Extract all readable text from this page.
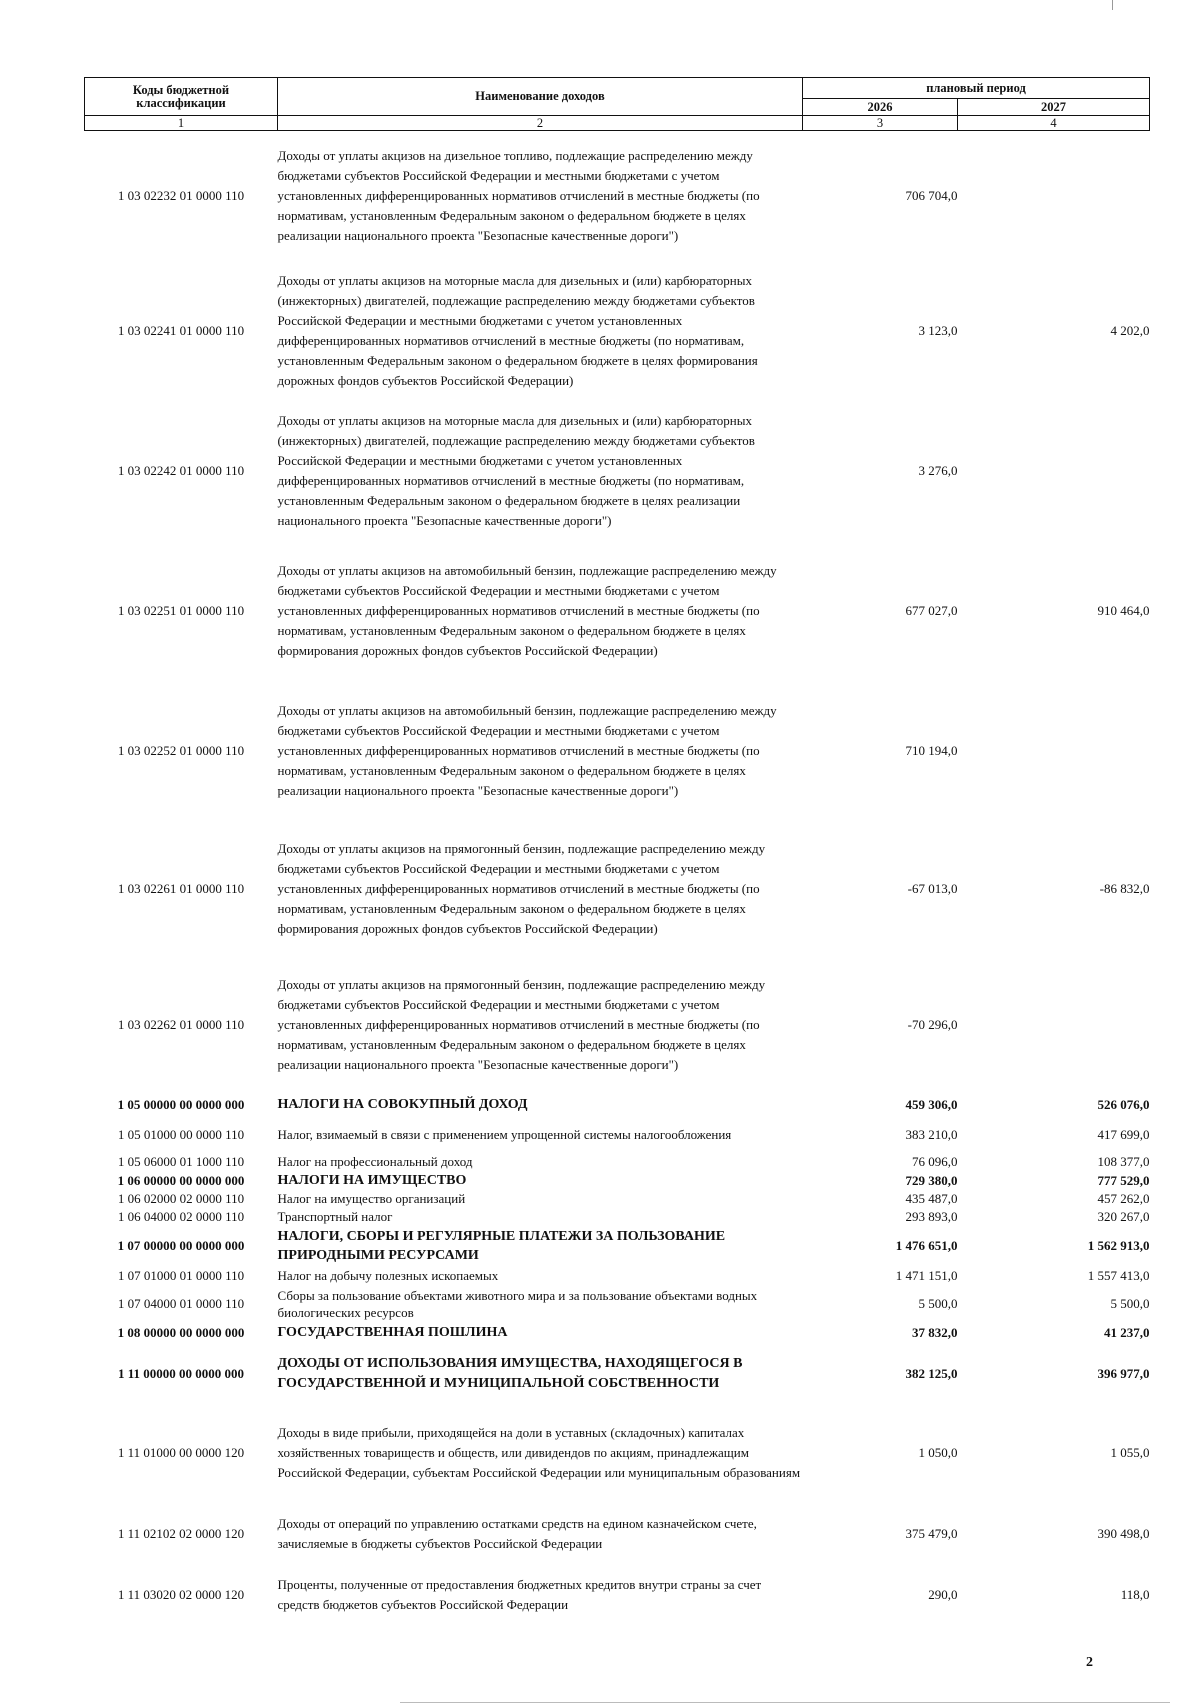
Коды бюджетной классификации	Наименование доходов	плановый период	
		2026	2027
1	2	3	4
1 03 02232 01 0000 110	Доходы от уплаты акцизов на дизельное топливо, подлежащие распределению между бюджетами субъектов Российской Федерации и местными бюджетами с учетом установленных дифференцированных нормативов отчислений в местные бюджеты (по нормативам, установленным Федеральным законом о федеральном бюджете в целях реализации национального проекта "Безопасные качественные дороги")	706 704,0	
1 03 02241 01 0000 110	Доходы от уплаты акцизов на моторные масла для дизельных и (или) карбюраторных (инжекторных) двигателей, подлежащие распределению между бюджетами субъектов Российской Федерации и местными бюджетами с учетом установленных дифференцированных нормативов отчислений в местные бюджеты (по нормативам, установленным Федеральным законом о федеральном бюджете в целях формирования дорожных фондов субъектов Российской Федерации)	3 123,0	4 202,0
1 03 02242 01 0000 110	Доходы от уплаты акцизов на моторные масла для дизельных и (или) карбюраторных (инжекторных) двигателей, подлежащие распределению между бюджетами субъектов Российской Федерации и местными бюджетами с учетом установленных дифференцированных нормативов отчислений в местные бюджеты (по нормативам, установленным Федеральным законом о федеральном бюджете в целях реализации национального проекта "Безопасные качественные дороги")	3 276,0	
1 03 02251 01 0000 110	Доходы от уплаты акцизов на автомобильный бензин, подлежащие распределению между бюджетами субъектов Российской Федерации и местными бюджетами с учетом установленных дифференцированных нормативов отчислений в местные бюджеты (по нормативам, установленным Федеральным законом о федеральном бюджете в целях формирования дорожных фондов субъектов Российской Федерации)	677 027,0	910 464,0
1 03 02252 01 0000 110	Доходы от уплаты акцизов на автомобильный бензин, подлежащие распределению между бюджетами субъектов Российской Федерации и местными бюджетами с учетом установленных дифференцированных нормативов отчислений в местные бюджеты (по нормативам, установленным Федеральным законом о федеральном бюджете в целях реализации национального проекта "Безопасные качественные дороги")	710 194,0	
1 03 02261 01 0000 110	Доходы от уплаты акцизов на прямогонный бензин, подлежащие распределению между бюджетами субъектов Российской Федерации и местными бюджетами с учетом установленных дифференцированных нормативов отчислений в местные бюджеты (по нормативам, установленным Федеральным законом о федеральном бюджете в целях формирования дорожных фондов субъектов Российской Федерации)	-67 013,0	-86 832,0
1 03 02262 01 0000 110	Доходы от уплаты акцизов на прямогонный бензин, подлежащие распределению между бюджетами субъектов Российской Федерации и местными бюджетами с учетом установленных дифференцированных нормативов отчислений в местные бюджеты (по нормативам, установленным Федеральным законом о федеральном бюджете в целях реализации национального проекта "Безопасные качественные дороги")	-70 296,0	
1 05 00000 00 0000 000	НАЛОГИ НА СОВОКУПНЫЙ ДОХОД	459 306,0	526 076,0
1 05 01000 00 0000 110	Налог, взимаемый в связи с применением упрощенной системы налогообложения	383 210,0	417 699,0
1 05 06000 01 1000 110	Налог на профессиональный доход	76 096,0	108 377,0
1 06 00000 00 0000 000	НАЛОГИ НА ИМУЩЕСТВО	729 380,0	777 529,0
1 06 02000 02 0000 110	Налог на имущество организаций	435 487,0	457 262,0
1 06 04000 02 0000 110	Транспортный налог	293 893,0	320 267,0
1 07 00000 00 0000 000	НАЛОГИ, СБОРЫ И РЕГУЛЯРНЫЕ ПЛАТЕЖИ ЗА ПОЛЬЗОВАНИЕ ПРИРОДНЫМИ РЕСУРСАМИ	1 476 651,0	1 562 913,0
1 07 01000 01 0000 110	Налог на добычу полезных ископаемых	1 471 151,0	1 557 413,0
1 07 04000 01 0000 110	Сборы за пользование объектами животного мира и за пользование объектами водных биологических ресурсов	5 500,0	5 500,0
1 08 00000 00 0000 000	ГОСУДАРСТВЕННАЯ ПОШЛИНА	37 832,0	41 237,0
1 11 00000 00 0000 000	ДОХОДЫ ОТ ИСПОЛЬЗОВАНИЯ ИМУЩЕСТВА, НАХОДЯЩЕГОСЯ В ГОСУДАРСТВЕННОЙ И МУНИЦИПАЛЬНОЙ СОБСТВЕННОСТИ	382 125,0	396 977,0
1 11 01000 00 0000 120	Доходы в виде прибыли, приходящейся на доли в уставных (складочных) капиталах хозяйственных товариществ и обществ, или дивидендов по акциям, принадлежащим Российской Федерации, субъектам Российской Федерации или муниципальным образованиям	1 050,0	1 055,0
1 11 02102 02 0000 120	Доходы от операций по управлению остатками средств на едином казначейском счете, зачисляемые в бюджеты субъектов Российской Федерации	375 479,0	390 498,0
1 11 03020 02 0000 120	Проценты, полученные от предоставления бюджетных кредитов внутри страны за счет средств бюджетов субъектов Российской Федерации	290,0	118,0
2
